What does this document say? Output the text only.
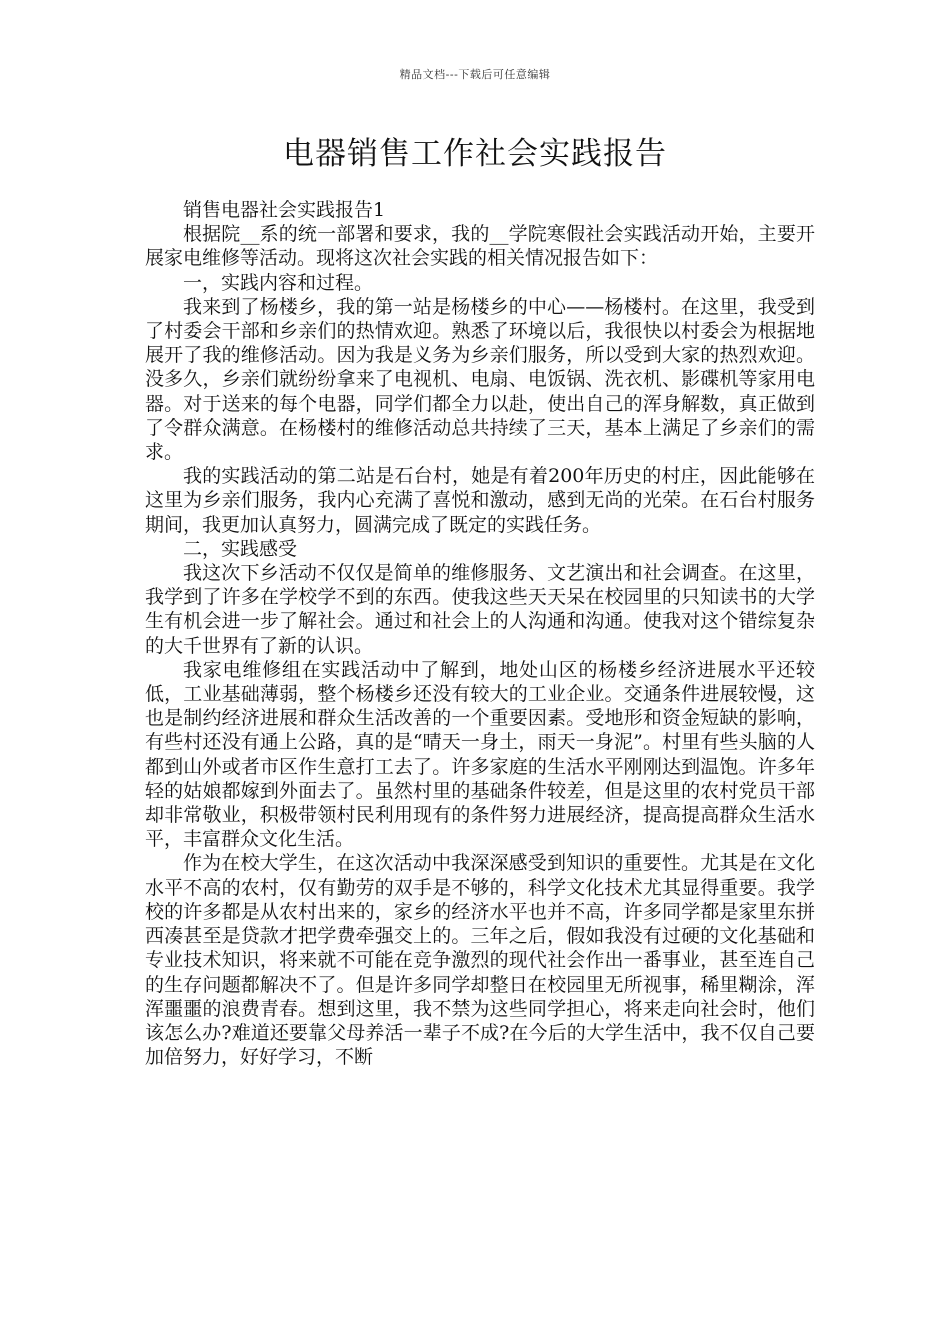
精品文档---下载后可任意编辑
电器销售工作社会实践报告

销售电器社会实践报告1

根据院__系的统一部署和要求，我的__学院寒假社会实践活动开始，主要开展家电维修等活动。现将这次社会实践的相关情况报告如下：

一，实践内容和过程。

我来到了杨楼乡，我的第一站是杨楼乡的中心——杨楼村。在这里，我受到了村委会干部和乡亲们的热情欢迎。熟悉了环境以后，我很快以村委会为根据地展开了我的维修活动。因为我是义务为乡亲们服务，所以受到大家的热烈欢迎。没多久，乡亲们就纷纷拿来了电视机、电扇、电饭锅、洗衣机、影碟机等家用电器。对于送来的每个电器，同学们都全力以赴，使出自己的浑身解数，真正做到了令群众满意。在杨楼村的维修活动总共持续了三天，基本上满足了乡亲们的需求。

我的实践活动的第二站是石台村，她是有着200年历史的村庄，因此能够在这里为乡亲们服务，我内心充满了喜悦和激动，感到无尚的光荣。在石台村服务期间，我更加认真努力，圆满完成了既定的实践任务。

二，实践感受

我这次下乡活动不仅仅是简单的维修服务、文艺演出和社会调查。在这里，我学到了许多在学校学不到的东西。使我这些天天呆在校园里的只知读书的大学生有机会进一步了解社会。通过和社会上的人沟通和沟通。使我对这个错综复杂的大千世界有了新的认识。

我家电维修组在实践活动中了解到，地处山区的杨楼乡经济进展水平还较低，工业基础薄弱，整个杨楼乡还没有较大的工业企业。交通条件进展较慢，这也是制约经济进展和群众生活改善的一个重要因素。受地形和资金短缺的影响，有些村还没有通上公路，真的是“晴天一身土，雨天一身泥”。村里有些头脑的人都到山外或者市区作生意打工去了。许多家庭的生活水平刚刚达到温饱。许多年轻的姑娘都嫁到外面去了。虽然村里的基础条件较差，但是这里的农村党员干部却非常敬业，积极带领村民利用现有的条件努力进展经济，提高提高群众生活水平，丰富群众文化生活。

作为在校大学生，在这次活动中我深深感受到知识的重要性。尤其是在文化水平不高的农村，仅有勤劳的双手是不够的，科学文化技术尤其显得重要。我学校的许多都是从农村出来的，家乡的经济水平也并不高，许多同学都是家里东拼西凑甚至是贷款才把学费牵强交上的。三年之后，假如我没有过硬的文化基础和专业技术知识，将来就不可能在竞争激烈的现代社会作出一番事业，甚至连自己的生存问题都解决不了。但是许多同学却整日在校园里无所视事，稀里糊涂，浑浑噩噩的浪费青春。想到这里，我不禁为这些同学担心，将来走向社会时，他们该怎么办?难道还要靠父母养活一辈子不成?在今后的大学生活中，我不仅自己要加倍努力，好好学习，不断
